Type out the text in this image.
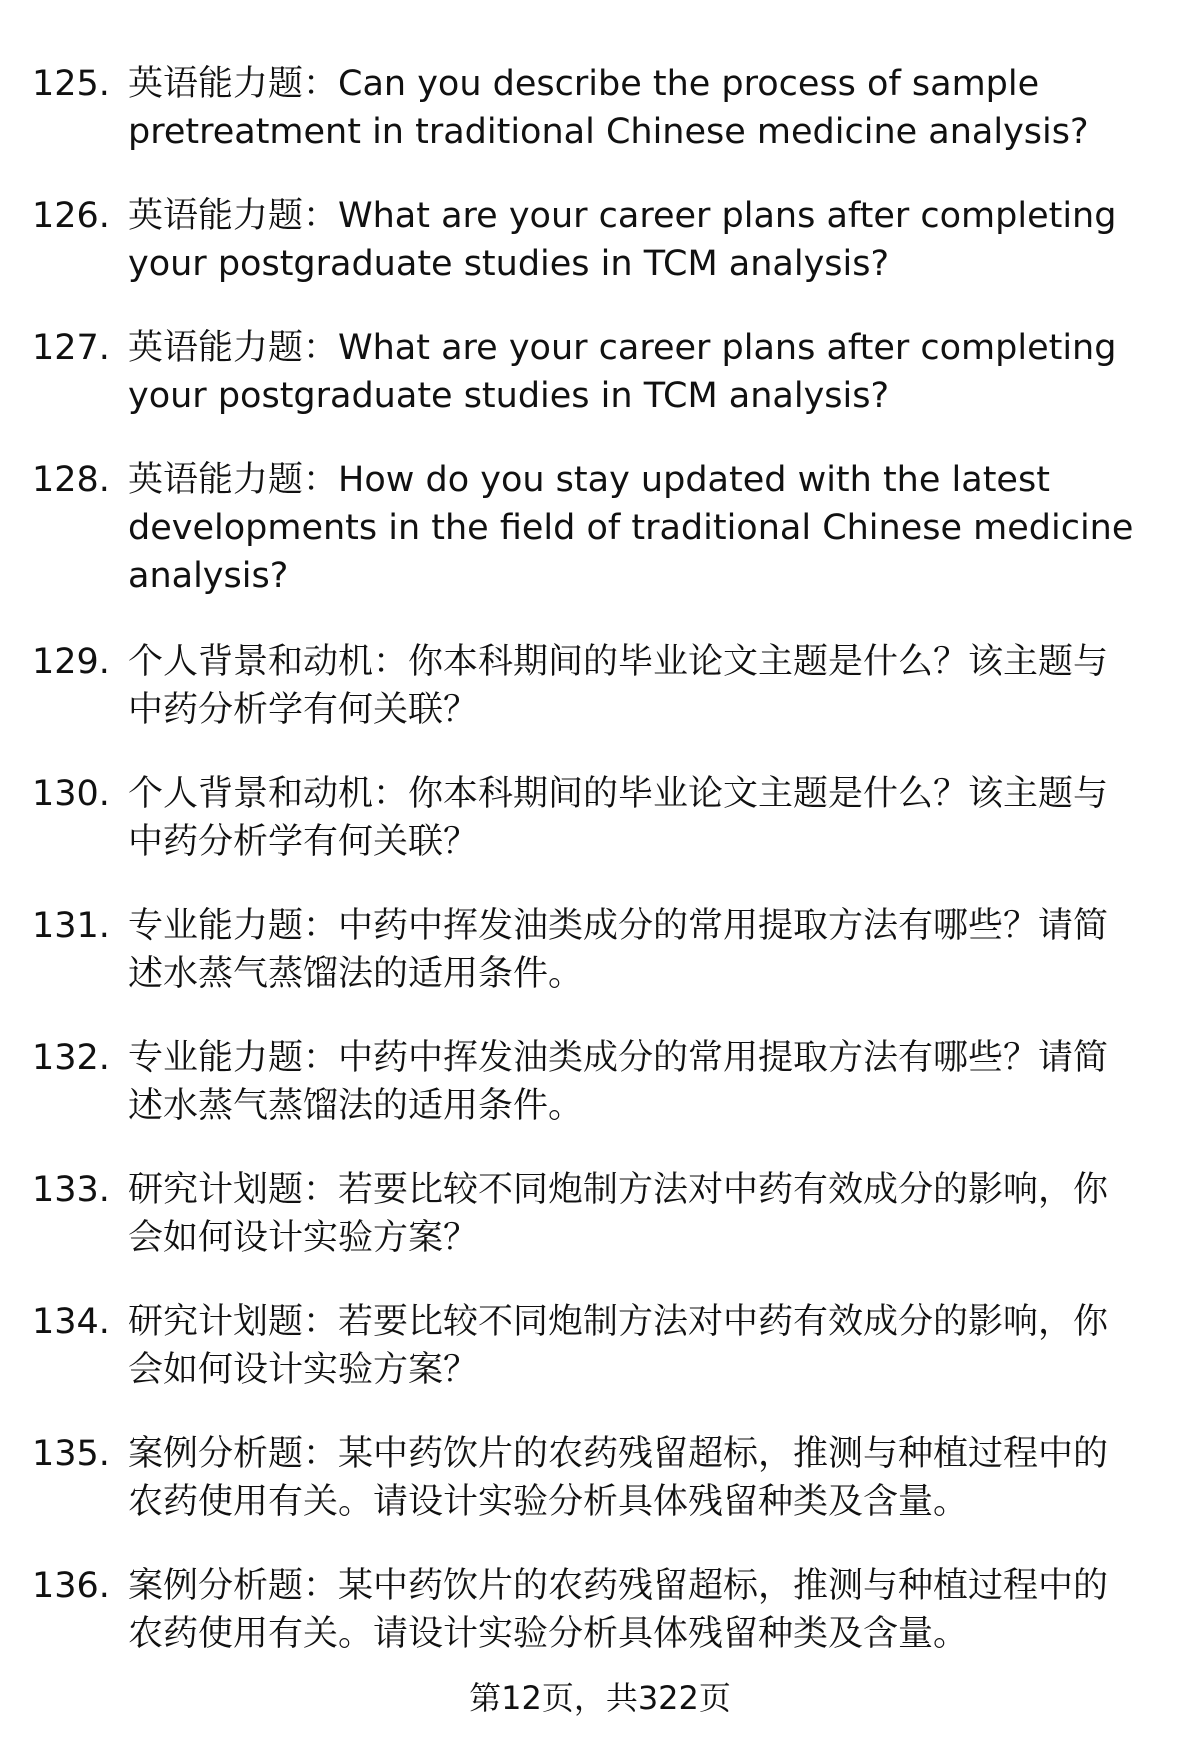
125. 英语能力题：Can you describe the process of sample pretreatment in traditional Chinese medicine analysis?
126. 英语能力题：What are your career plans after completing your postgraduate studies in TCM analysis?
127. 英语能力题：What are your career plans after completing your postgraduate studies in TCM analysis?
128. 英语能力题：How do you stay updated with the latest developments in the field of traditional Chinese medicine analysis?
129. 个人背景和动机：你本科期间的毕业论文主题是什么？该主题与中药分析学有何关联？
130. 个人背景和动机：你本科期间的毕业论文主题是什么？该主题与中药分析学有何关联？
131. 专业能力题：中药中挥发油类成分的常用提取方法有哪些？请简述水蒸气蒸馏法的适用条件。
132. 专业能力题：中药中挥发油类成分的常用提取方法有哪些？请简述水蒸气蒸馏法的适用条件。
133. 研究计划题：若要比较不同炮制方法对中药有效成分的影响，你会如何设计实验方案？
134. 研究计划题：若要比较不同炮制方法对中药有效成分的影响，你会如何设计实验方案？
135. 案例分析题：某中药饮片的农药残留超标，推测与种植过程中的农药使用有关。请设计实验分析具体残留种类及含量。
136. 案例分析题：某中药饮片的农药残留超标，推测与种植过程中的农药使用有关。请设计实验分析具体残留种类及含量。
第12页，共322页
